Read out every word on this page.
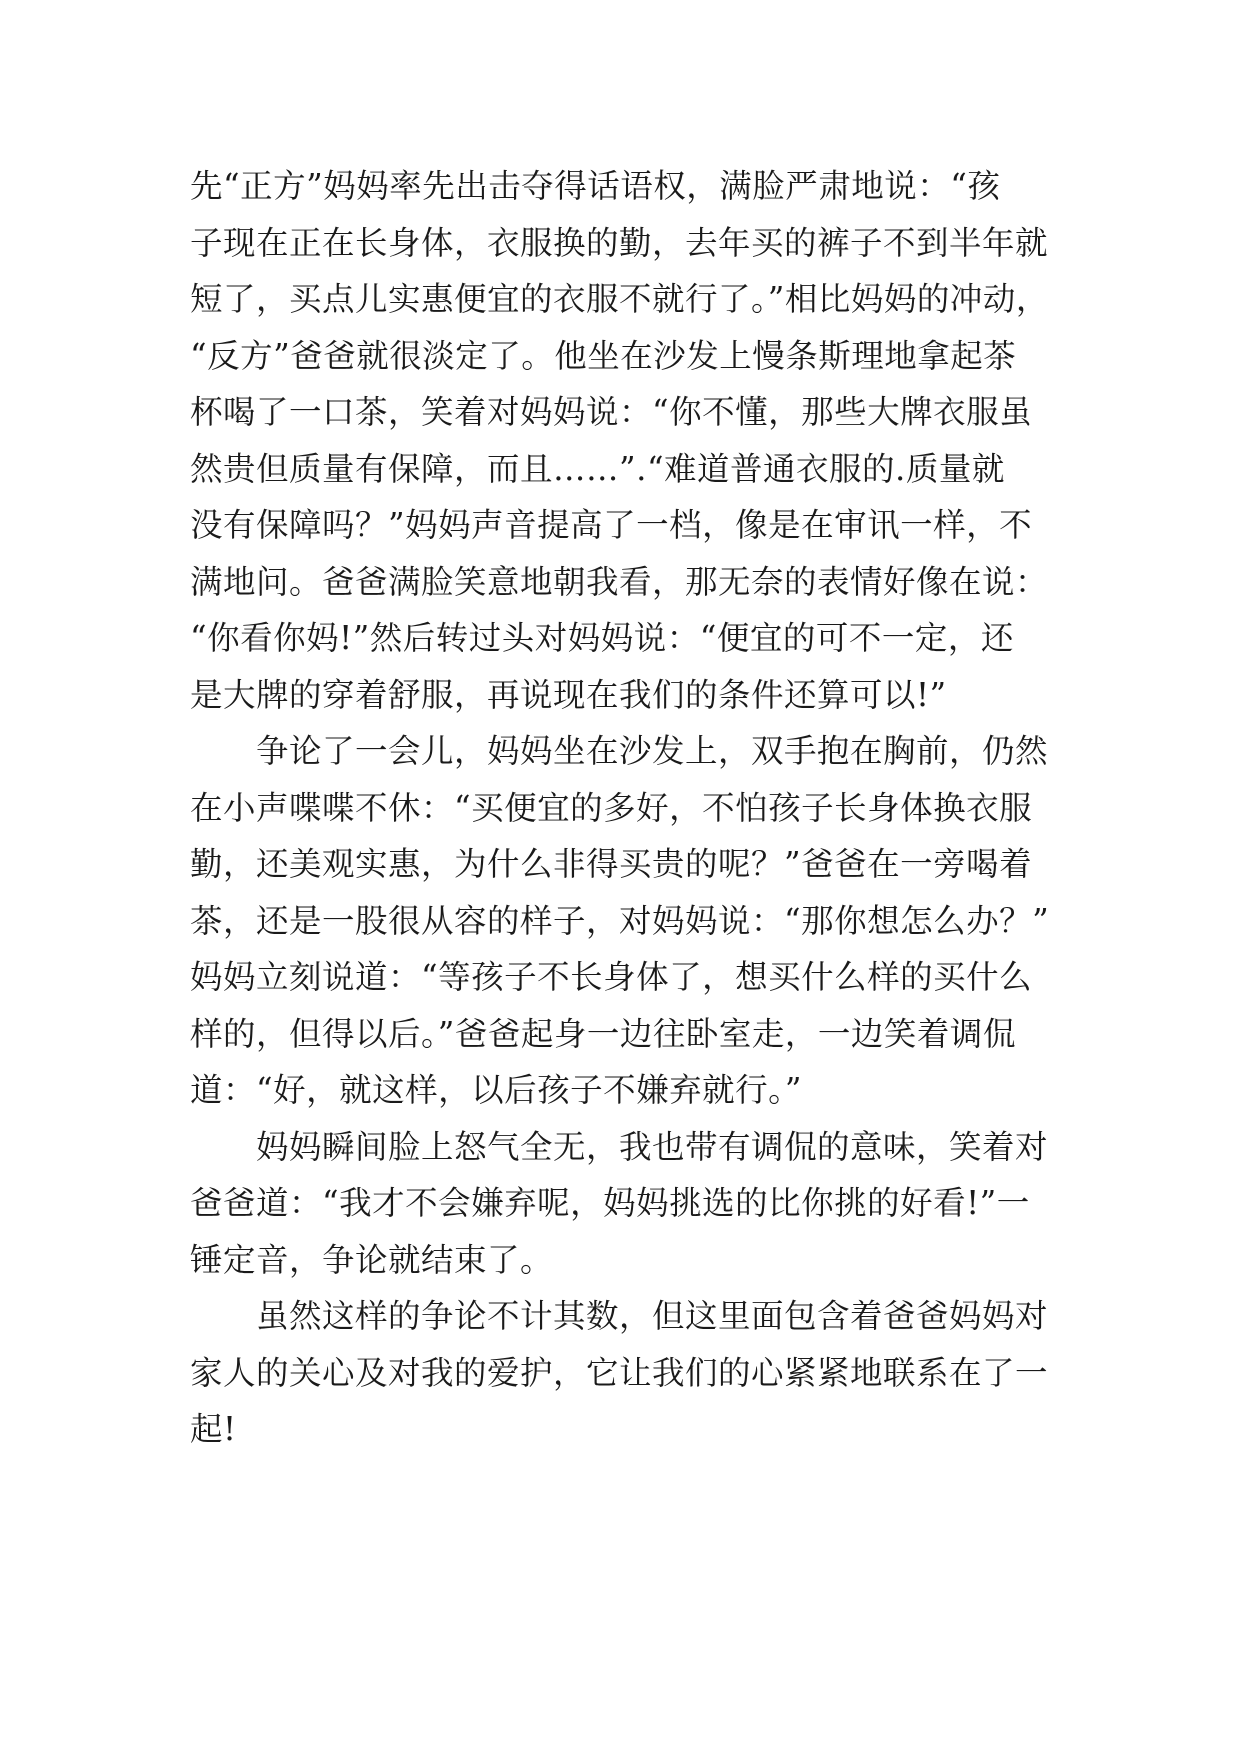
先“正方”妈妈率先出击夺得话语权，满脸严肃地说：“孩
子现在正在长身体，衣服换的勤，去年买的裤子不到半年就
短了，买点儿实惠便宜的衣服不就行了。”相比妈妈的冲动，
“反方”爸爸就很淡定了。他坐在沙发上慢条斯理地拿起茶
杯喝了一口茶，笑着对妈妈说：“你不懂，那些大牌衣服虽
然贵但质量有保障，而且……”.“难道普通衣服的.质量就
没有保障吗？”妈妈声音提高了一档，像是在审讯一样，不
满地问。爸爸满脸笑意地朝我看，那无奈的表情好像在说：
“你看你妈!”然后转过头对妈妈说：“便宜的可不一定，还
是大牌的穿着舒服，再说现在我们的条件还算可以!”
争论了一会儿，妈妈坐在沙发上，双手抱在胸前，仍然
在小声喋喋不休：“买便宜的多好，不怕孩子长身体换衣服
勤，还美观实惠，为什么非得买贵的呢？”爸爸在一旁喝着
茶，还是一股很从容的样子，对妈妈说：“那你想怎么办？”
妈妈立刻说道：“等孩子不长身体了，想买什么样的买什么
样的，但得以后。”爸爸起身一边往卧室走，一边笑着调侃
道：“好，就这样，以后孩子不嫌弃就行。”
妈妈瞬间脸上怒气全无，我也带有调侃的意味，笑着对
爸爸道：“我才不会嫌弃呢，妈妈挑选的比你挑的好看!”一
锤定音，争论就结束了。
虽然这样的争论不计其数，但这里面包含着爸爸妈妈对
家人的关心及对我的爱护，它让我们的心紧紧地联系在了一
起!
